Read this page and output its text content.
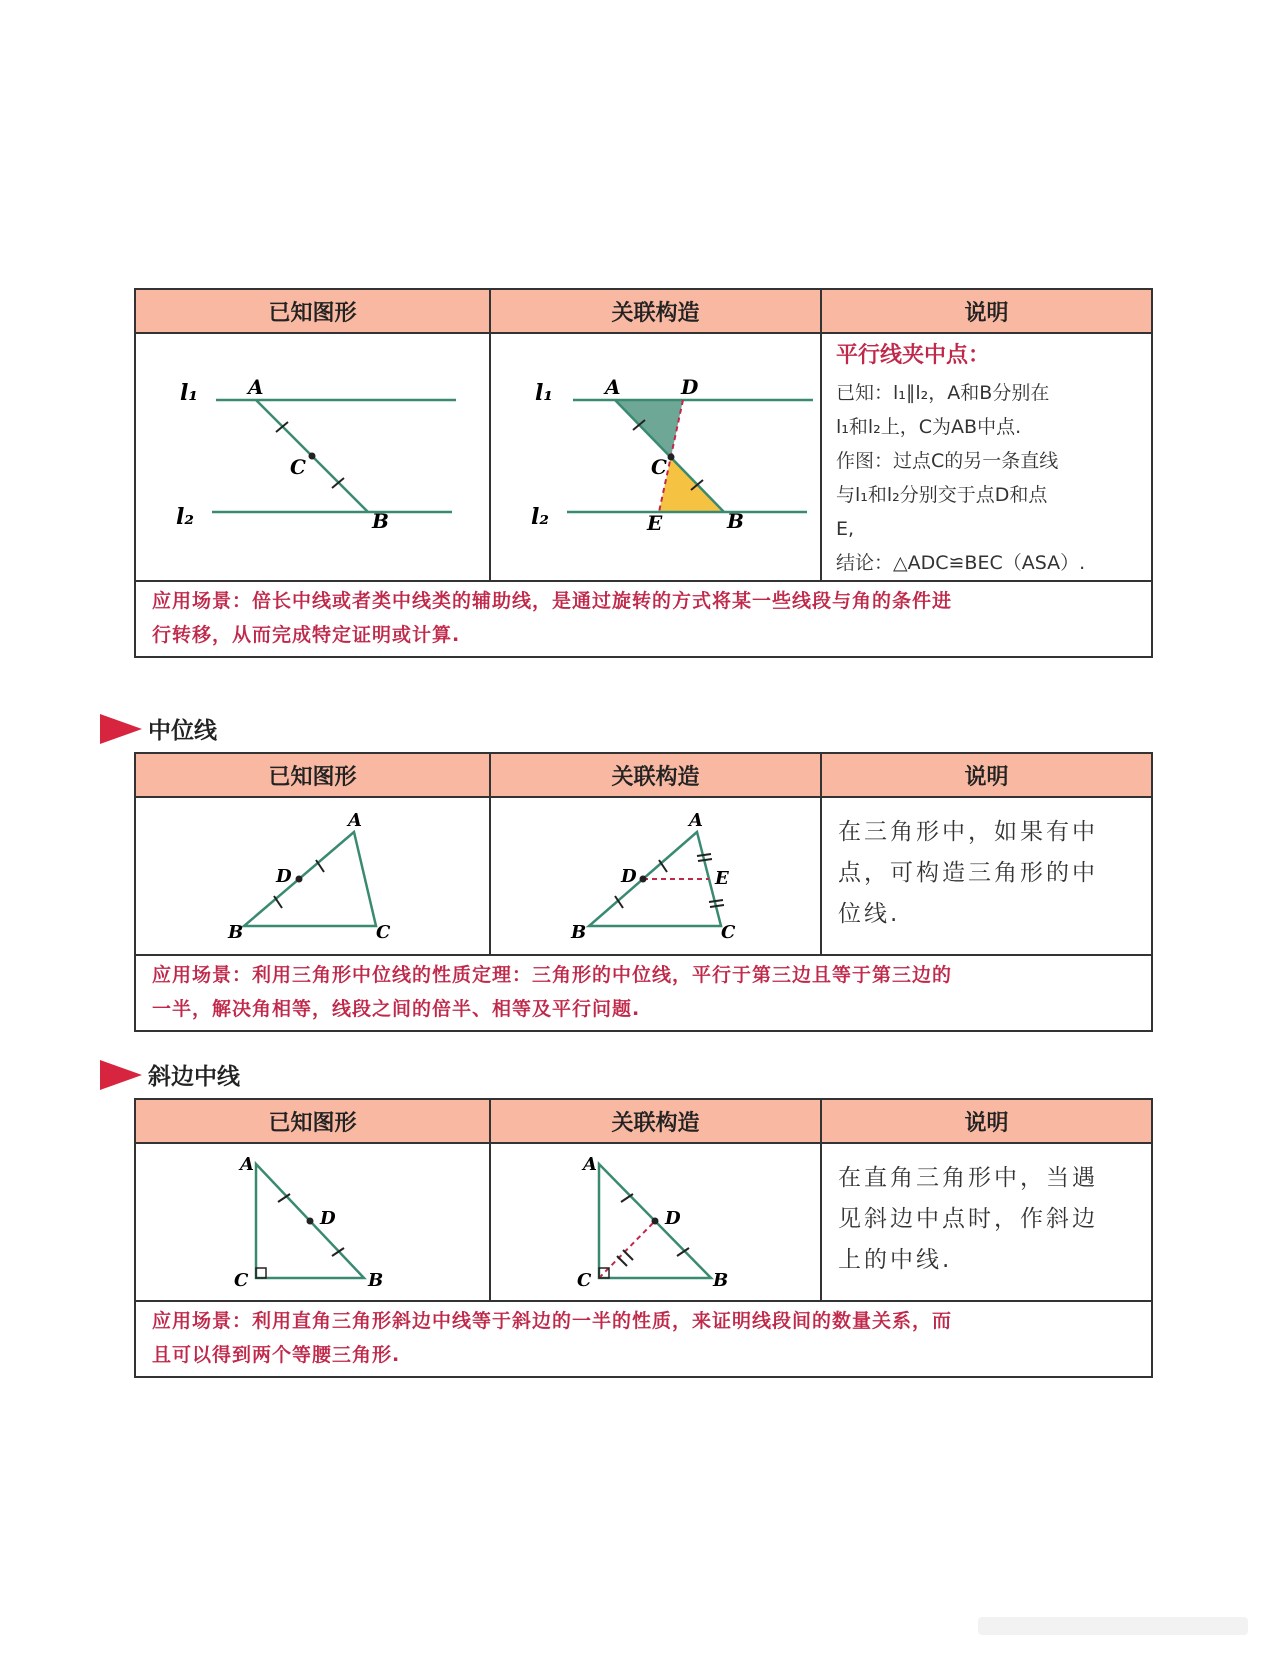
已知图形	关联构造	说明
l₁
l₂
A
C
B
l₁
l₂
A	D
C
E	B
平行线夹中点：
已知：l₁∥l₂，A和B分别在
l₁和l₂上，C为AB中点.
作图：过点C的另一条直线
与l₁和l₂分别交于点D和点
E,
结论：△ADC≌BEC（ASA）.
应用场景：倍长中线或者类中线类的辅助线，是通过旋转的方式将某一些线段与角的条件进
行转移，从而完成特定证明或计算.
中位线
已知图形	关联构造	说明
A
D
B	C
A
D	E
B	C
在三角形中，如果有中
点，可构造三角形的中
位线.
应用场景：利用三角形中位线的性质定理：三角形的中位线，平行于第三边且等于第三边的
一半，解决角相等，线段之间的倍半、相等及平行问题.
斜边中线
已知图形	关联构造	说明
A
D
C	B
A
D
C	B
在直角三角形中，当遇
见斜边中点时，作斜边
上的中线.
应用场景：利用直角三角形斜边中线等于斜边的一半的性质，来证明线段间的数量关系，而
且可以得到两个等腰三角形.
